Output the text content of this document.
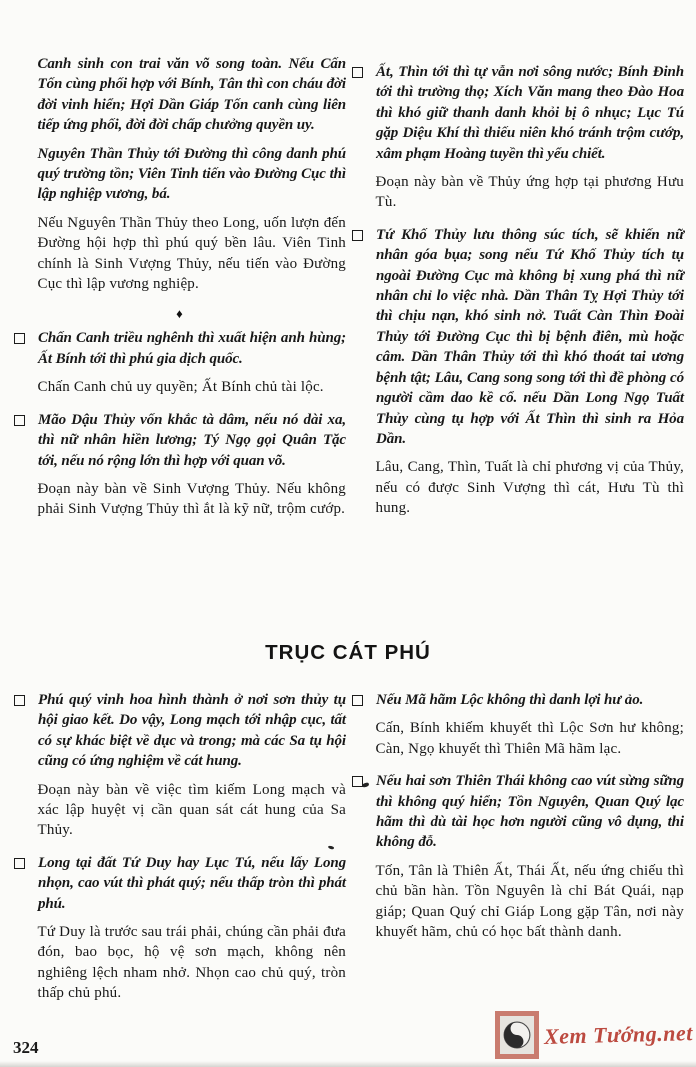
Canh sinh con trai văn võ song toàn. Nếu Cấn Tốn cùng phối hợp với Bính, Tân thì con cháu đời đời vinh hiển; Hợi Dần Giáp Tốn canh cùng liên tiếp ứng phối, đời đời chấp chưởng quyền uy.

Nguyên Thần Thủy tới Đường thì công danh phú quý trường tồn; Viên Tinh tiến vào Đường Cục thì lập nghiệp vương, bá.

Nếu Nguyên Thần Thủy theo Long, uốn lượn đến Đường hội hợp thì phú quý bền lâu. Viên Tinh chính là Sinh Vượng Thủy, nếu tiến vào Đường Cục thì lập vương nghiệp.

♦

Chấn Canh triều nghênh thì xuất hiện anh hùng; Ất Bính tới thì phú gia dịch quốc.

Chấn Canh chủ uy quyền; Ất Bính chủ tài lộc.

Mão Dậu Thủy vốn khắc tà dâm, nếu nó dài xa, thì nữ nhân hiền lương; Tý Ngọ gọi Quân Tặc tới, nếu nó rộng lớn thì hợp với quan võ.

Đoạn này bàn về Sinh Vượng Thủy. Nếu không phải Sinh Vượng Thủy thì ắt là kỹ nữ, trộm cướp.

Ất, Thìn tới thì tự vẫn nơi sông nước; Bính Đinh tới thì trường thọ; Xích Văn mang theo Đào Hoa thì khó giữ thanh danh khỏi bị ô nhục; Lục Tú gặp Diệu Khí thì thiếu niên khó tránh trộm cướp, xâm phạm Hoàng tuyền thì yểu chiết.

Đoạn này bàn về Thủy ứng hợp tại phương Hưu Tù.

Tứ Khố Thủy lưu thông súc tích, sẽ khiến nữ nhân góa bụa; song nếu Tứ Khố Thủy tích tụ ngoài Đường Cục mà không bị xung phá thì nữ nhân chỉ lo việc nhà. Dần Thân Tỵ Hợi Thủy tới thì chịu nạn, khó sinh nở. Tuất Càn Thìn Đoài Thủy tới Đường Cục thì bị bệnh điên, mù hoặc câm. Dần Thân Thủy tới thì khó thoát tai ương bệnh tật; Lâu, Cang song song tới thì đề phòng có người cầm dao kề cổ. nếu Dần Long Ngọ Tuất Thủy cùng tụ hợp với Ất Thìn thì sinh ra Hỏa Dần.

Lâu, Cang, Thìn, Tuất là chỉ phương vị của Thủy, nếu có được Sinh Vượng thì cát, Hưu Tù thì hung.

TRỤC CÁT PHÚ

Phú quý vinh hoa hình thành ở nơi sơn thủy tụ hội giao kết. Do vậy, Long mạch tới nhập cục, tất có sự khác biệt về dục và trong; mà các Sa tụ hội cũng có ứng nghiệm về cát hung.

Đoạn này bàn về việc tìm kiếm Long mạch và xác lập huyệt vị cần quan sát cát hung của Sa Thủy.

Long tại đất Tứ Duy hay Lục Tú, nếu lấy Long nhọn, cao vút thì phát quý; nếu thấp tròn thì phát phú.

Tứ Duy là trước sau trái phải, chúng cần phải đưa đón, bao bọc, hộ vệ sơn mạch, không nên nghiêng lệch nham nhở. Nhọn cao chủ quý, tròn thấp chủ phú.

Nếu Mã hãm Lộc không thì danh lợi hư ảo.

Cấn, Bính khiếm khuyết thì Lộc Sơn hư không; Càn, Ngọ khuyết thì Thiên Mã hãm lạc.

Nếu hai sơn Thiên Thái không cao vút sừng sững thì không quý hiển; Tồn Nguyên, Quan Quý lạc hãm thì dù tài học hơn người cũng vô dụng, thi không đỗ.

Tốn, Tân là Thiên Ất, Thái Ất, nếu ứng chiếu thì chủ bần hàn. Tồn Nguyên là chỉ Bát Quái, nạp giáp; Quan Quý chỉ Giáp Long gặp Tân, nơi này khuyết hãm, chủ có học bất thành danh.

324	Xem Tướng.net
